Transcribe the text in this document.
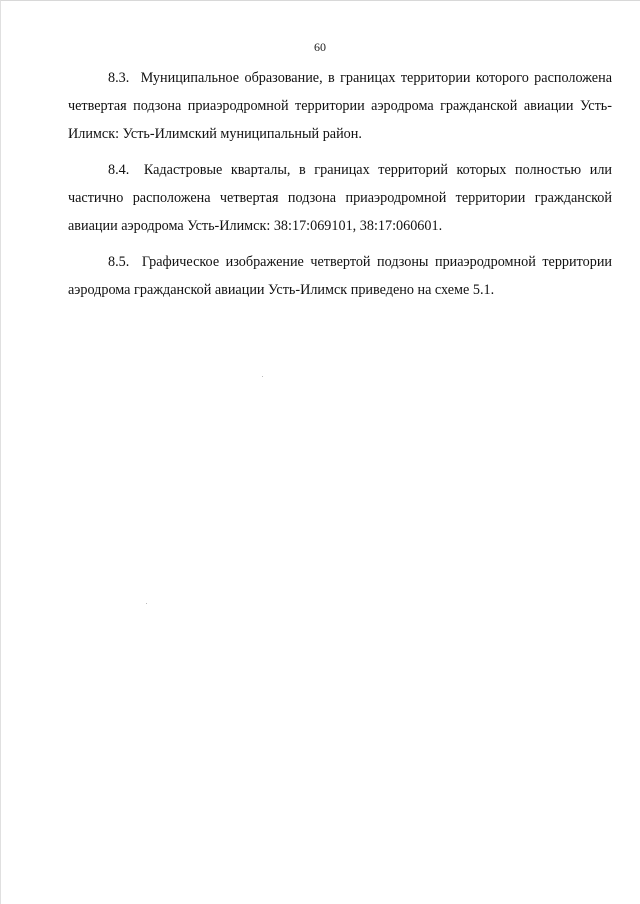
60

8.3. Муниципальное образование, в границах территории которого расположена четвертая подзона приаэродромной территории аэродрома гражданской авиации Усть-Илимск: Усть-Илимский муниципальный район.

8.4. Кадастровые кварталы, в границах территорий которых полностью или частично расположена четвертая подзона приаэродромной территории гражданской авиации аэродрома Усть-Илимск: 38:17:069101, 38:17:060601.

8.5. Графическое изображение четвертой подзоны приаэродромной территории аэродрома гражданской авиации Усть-Илимск приведено на схеме 5.1.
